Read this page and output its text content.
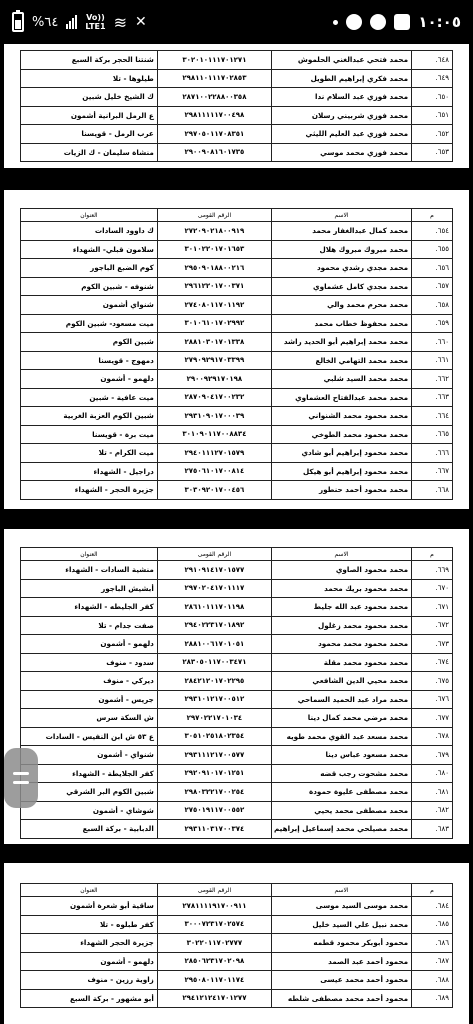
%٦٤	Vo))
LTE1 ≋ ✕	١٠:٠٥
٦٤٨.	محمد فتحي عبدالغني الحلموش	٣٠٢٠١٠١١١٧٠١٢٧١	شنتنا الحجر بركة السبع
٦٤٩.	محمد فكري إبراهيم الطويل	٢٩٨١١٠١١١٧٠٢٨٥٣	طيلوها - تلا
٦٥٠.	محمد فوزي عبد السلام ندا	٢٨٧١٠٠٢٢٨٨٠٠٣٥٨	ك الشيخ خليل شبين
٦٥١.	محمد فوزي شربيني رسلان	٢٩٨١١١١١٧٠٠٤٩٨	ع الرمل البرانية أشمون
٦٥٢.	محمد فوزي عبد العليم الليثي	٢٩٧٠٥٠١١٧٠٨٣٥١	عرب الرمل - قويسنا
٦٥٣.	محمد فوزي محمد موسي	٢٩٠٠٩٠٨١٦٠١٧٣٥	منشاة سليمان - ك الزيات
م	الاسم	الرقم القومى	العنوان
٦٥٤.	محمد كمال عبدالغفار محمد	٢٧٢٠٩٠٢١٨٠٠٩١٩	ك داوود السادات
٦٥٥.	محمد مبروك مبروك هلال	٣٠١٠٢٢٠١٧٠١٦٥٣	سلامون قبلي- الشهداء
٦٥٦.	محمد مجدي رشدي محمود	٢٩٥٠٩٠١٨٨٠٠٢١٦	كوم الضبع الباجور
٦٥٧.	محمد مجدي كامل عشماوي	٢٩٦١٢٢٠١٧٠٠٣٧١	شنوفه - شبين الكوم
٦٥٨.	محمد محرم محمد والي	٢٧٤٠٨٠١١٧٠١١٩٢	شنواي أشمون
٦٥٩.	محمد محفوظ خطاب محمد	٣٠١٠٦١٠١٧٠٢٩٩٢	ميت مسعود- شبين الكوم
٦٦٠.	محمد محمد إبراهيم أبو الحديد راشد	٢٨٨١٠٣٠١٧٠١٣٣٨	شبين الكوم
٦٦١.	محمد محمد التهامي الخالع	٢٧٩٠٩٢٩١٧٠٣٣٩٩	دمهوج - قويسنا
٦٦٢.	محمد محمد السيد شلبي	٢٩٠٠٩٢٩١٧٠١٩٨	دلهمو - أشمون
٦٦٣.	محمد محمد عبدالفتاح العشماوي	٢٨٧٠٩٠٤١٧٠٠٢٣٢	ميت عافية - شبين
٦٦٤.	محمد محمود محمد الشنواني	٢٩٣١٠٩٠١٧٠٠٠٣٩	شبين الكوم العزبة الغربية
٦٦٥.	محمد محمود محمد الطوخي	٣٠١٠٩٠١١٧٠٠٨٨٣٤	ميت برة - قويسنا
٦٦٦.	محمد محمود إبراهيم أبو شادي	٢٩٤٠١١١٢٧٠١٥٧٩	ميت الكرام - تلا
٦٦٧.	محمد محمود إبراهيم أبو هيكل	٢٧٥٠٦١٠١٧٠٠٨١٤	دراجيل - الشهداء
٦٦٨.	محمد محمود أحمد حنطور	٣٠٣٠٩٢٠١٧٠٠٤٥٦	جزيرة الحجر - الشهداء
م	الاسم	الرقم القومى	العنوان
٦٦٩.	محمد محمود الصاوي	٢٩١٠٩١٤١٧٠١٥٧٧	منشية السادات - الشهداء
٦٧٠.	محمد محمود بريك محمد	٢٩٧٠٢٠٤١٧٠١١١٧	أبشيش الباجور
٦٧١.	محمد محمود عبد الله جليط	٢٨٦١٠١١١٧٠١١٩٨	كفر الجليطه - الشهداء
٦٧٢.	محمد محمود محمد زغلول	٢٩٤٠٢٢٣١٧٠١٨٩٢	صفت جدام - تلا
٦٧٣.	محمد محمود محمد محمود	٢٨٨١٠٠٦١٧٠١٠٥١	دلهمو - أشمون
٦٧٤.	محمد محمود محمد مقلة	٢٨٣٠٥٠١١٧٠٠٣٤٧١	سدود - منوف
٦٧٥.	محمد محيي الدين الشافعي	٢٨٤٢١٢٠١٧٠٢٢٩٥	ديركي - منوف
٦٧٦.	محمد مراد عبد الحميد السماحي	٢٩٣١٠١٢١٧٠٠٥١٢	جريس - أشمون
٦٧٧.	محمد مرضي محمد كمال دينا	٢٩٧٠٢٢١٧٠١٠٣٤	ش السكة سرس
٦٧٨.	محمد مسعد عبد القوي محمد طويه	٣٠٥١٠٢٥١٨٠٢٣٥٤	ع ٥٣ ش ابن النفيس - السادات
٦٧٩.	محمد مسعود عباس دينا	٢٩٣١١١٢١٧٠٠٥٧٧	شنواي - أشمون
٦٨٠.	محمد مشحوت رجب قضه	٢٩٢٠٩١٠١٧٠١٢٥١	كفر الجلايطة - الشهداء
٦٨١.	محمد مصطفى عليوة حمودة	٢٩٨٠٣٢٢١٧٠٠٢٥٤	شبين الكوم البر الشرقي
٦٨٢.	محمد مصطفى محمد يحيي	٢٧٥٠١٩١١٧٠٠٥٥٢	شوشاي - أشمون
٦٨٣.	محمد مصيلحي محمد إسماعيل إبراهيم	٢٩٣١١٠٣١٧٠٠٣٧٤	الدبابية - بركة السبع
م	الاسم	الرقم القومى	العنوان
٦٨٤.	محمد موسى السيد موسى	٢٧٨١١١١٩١٧٠٠٩١١	ساقية أبو شعرة أشمون
٦٨٥.	محمد نبيل علي السيد خليل	٣٠٠٠٧٢٣١٧٠٢٥٧٤	كفر طبلوه - تلا
٦٨٦.	محمود أبوبكر محمود قطمه	٣٠٢٢٠١١٧٠٢٧٧٧	جزيرة الحجر الشهداء
٦٨٧.	محمود أحمد عبد الصمد	٢٨٥٠٦٢٣١٧٠٢٠٩٨	دلهمو - أشمون
٦٨٨.	محمود أحمد محمد عيسى	٢٩٥٠٨٠١١٧٠١١٧٤	زاوية رزين - منوف
٦٨٩.	محمود أحمد محمد مصطفى شلطه	٢٩٤١٢١٢٤١٧٠١٢٧٧	أبو مشهور - بركة السبع
